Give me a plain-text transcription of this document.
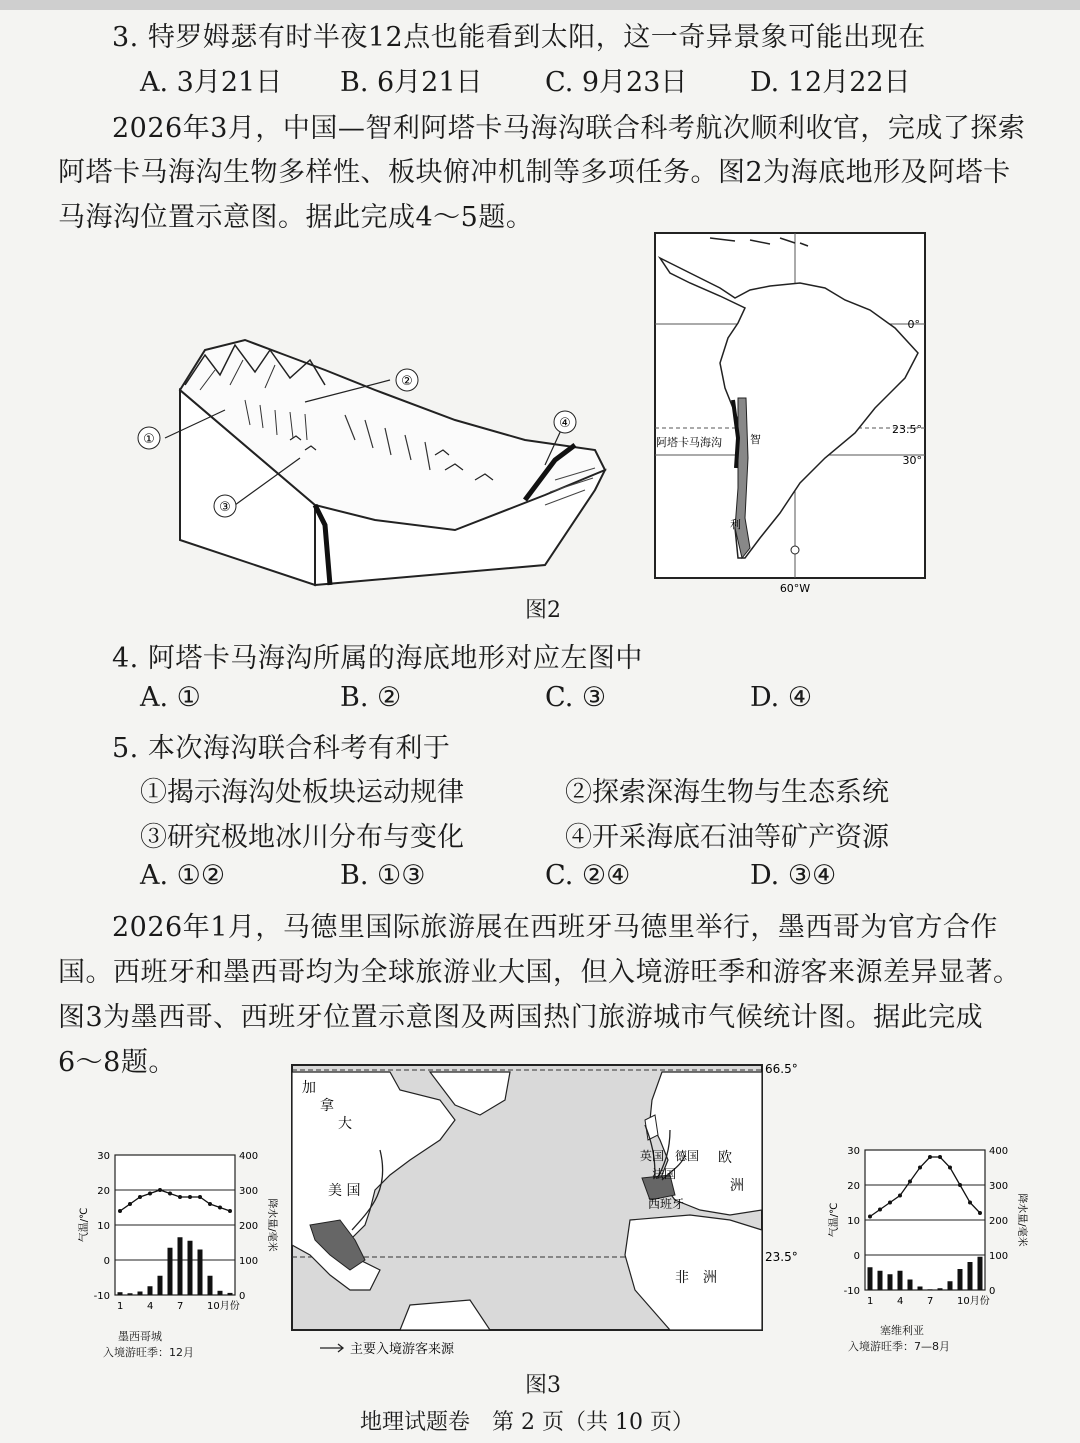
3. 特罗姆瑟有时半夜12点也能看到太阳，这一奇异景象可能出现在
A. 3月21日 B. 6月21日 C. 9月23日 D. 12月22日
2026年3月，中国—智利阿塔卡马海沟联合科考航次顺利收官，完成了探索
阿塔卡马海沟生物多样性、板块俯冲机制等多项任务。图2为海底地形及阿塔卡
马海沟位置示意图。据此完成4～5题。
①
②
③
④
0°
23.5°
30°
60°W
阿塔卡马海沟	智
利
图2
4. 阿塔卡马海沟所属的海底地形对应左图中
A. ①	B. ②	C. ③	D. ④
5. 本次海沟联合科考有利于
①揭示海沟处板块运动规律	②探索深海生物与生态系统
③研究极地冰川分布与变化	④开采海底石油等矿产资源
A. ①②	B. ①③	C. ②④	D. ③④
2026年1月，马德里国际旅游展在西班牙马德里举行，墨西哥为官方合作
国。西班牙和墨西哥均为全球旅游业大国，但入境游旺季和游客来源差异显著。
图3为墨西哥、西班牙位置示意图及两国热门旅游城市气候统计图。据此完成
6～8题。	66.5°
23.5°
加
拿
大
美 国
英国 德国
法国
欧
洲
西班牙
非　洲
主要入境游客来源
图3
30
20
10
0
-10
400
300
200
100
0
1 4 7 10月份
气温/℃	降水量/毫米
墨西哥城
入境游旺季：12月
30
20
10
0
-10
400
300
200
100
0
1 4 7 10月份
气温/℃	降水量/毫米
塞维利亚
入境游旺季：7—8月
地理试题卷　第 2 页（共 10 页）
